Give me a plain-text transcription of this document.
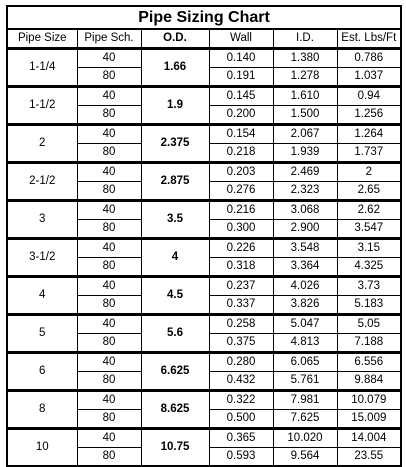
Pipe Sizing Chart					
Pipe Size	Pipe Sch.	O.D.	Wall	I.D.	Est. Lbs/Ft
1-1/4	40	1.66	0.140	1.380	0.786
	80		0.191	1.278	1.037
1-1/2	40	1.9	0.145	1.610	0.94
	80		0.200	1.500	1.256
2	40	2.375	0.154	2.067	1.264
	80		0.218	1.939	1.737
2-1/2	40	2.875	0.203	2.469	2
	80		0.276	2.323	2.65
3	40	3.5	0.216	3.068	2.62
	80		0.300	2.900	3.547
3-1/2	40	4	0.226	3.548	3.15
	80		0.318	3.364	4.325
4	40	4.5	0.237	4.026	3.73
	80		0.337	3.826	5.183
5	40	5.6	0.258	5.047	5.05
	80		0.375	4.813	7.188
6	40	6.625	0.280	6.065	6.556
	80		0.432	5.761	9.884
8	40	8.625	0.322	7.981	10.079
	80		0.500	7.625	15.009
10	40	10.75	0.365	10.020	14.004
	80		0.593	9.564	23.55
